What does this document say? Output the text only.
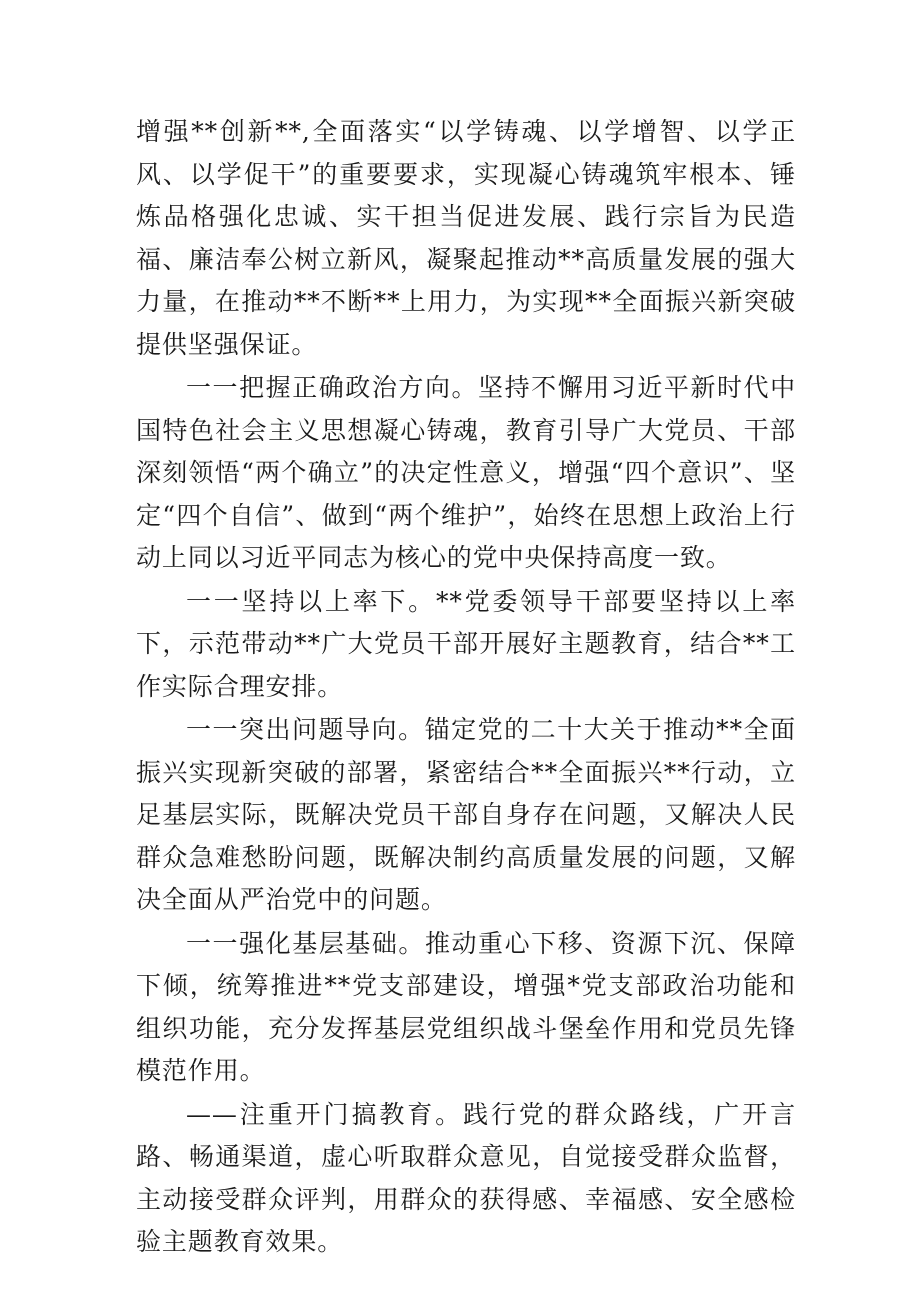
增强**创新**,全面落实“以学铸魂、以学增智、以学正风、以学促干”的重要要求，实现凝心铸魂筑牢根本、锤炼品格强化忠诚、实干担当促进发展、践行宗旨为民造福、廉洁奉公树立新风，凝聚起推动**高质量发展的强大力量，在推动**不断**上用力，为实现**全面振兴新突破提供坚强保证。

一一把握正确政治方向。坚持不懈用习近平新时代中国特色社会主义思想凝心铸魂，教育引导广大党员、干部深刻领悟“两个确立”的决定性意义，增强“四个意识”、坚定“四个自信”、做到“两个维护”，始终在思想上政治上行动上同以习近平同志为核心的党中央保持高度一致。

一一坚持以上率下。**党委领导干部要坚持以上率下，示范带动**广大党员干部开展好主题教育，结合**工作实际合理安排。

一一突出问题导向。锚定党的二十大关于推动**全面振兴实现新突破的部署，紧密结合**全面振兴**行动，立足基层实际，既解决党员干部自身存在问题，又解决人民群众急难愁盼问题，既解决制约高质量发展的问题，又解决全面从严治党中的问题。

一一强化基层基础。推动重心下移、资源下沉、保障下倾，统筹推进**党支部建设，增强*党支部政治功能和组织功能，充分发挥基层党组织战斗堡垒作用和党员先锋模范作用。

——注重开门搞教育。践行党的群众路线，广开言路、畅通渠道，虚心听取群众意见，自觉接受群众监督，主动接受群众评判，用群众的获得感、幸福感、安全感检验主题教育效果。
